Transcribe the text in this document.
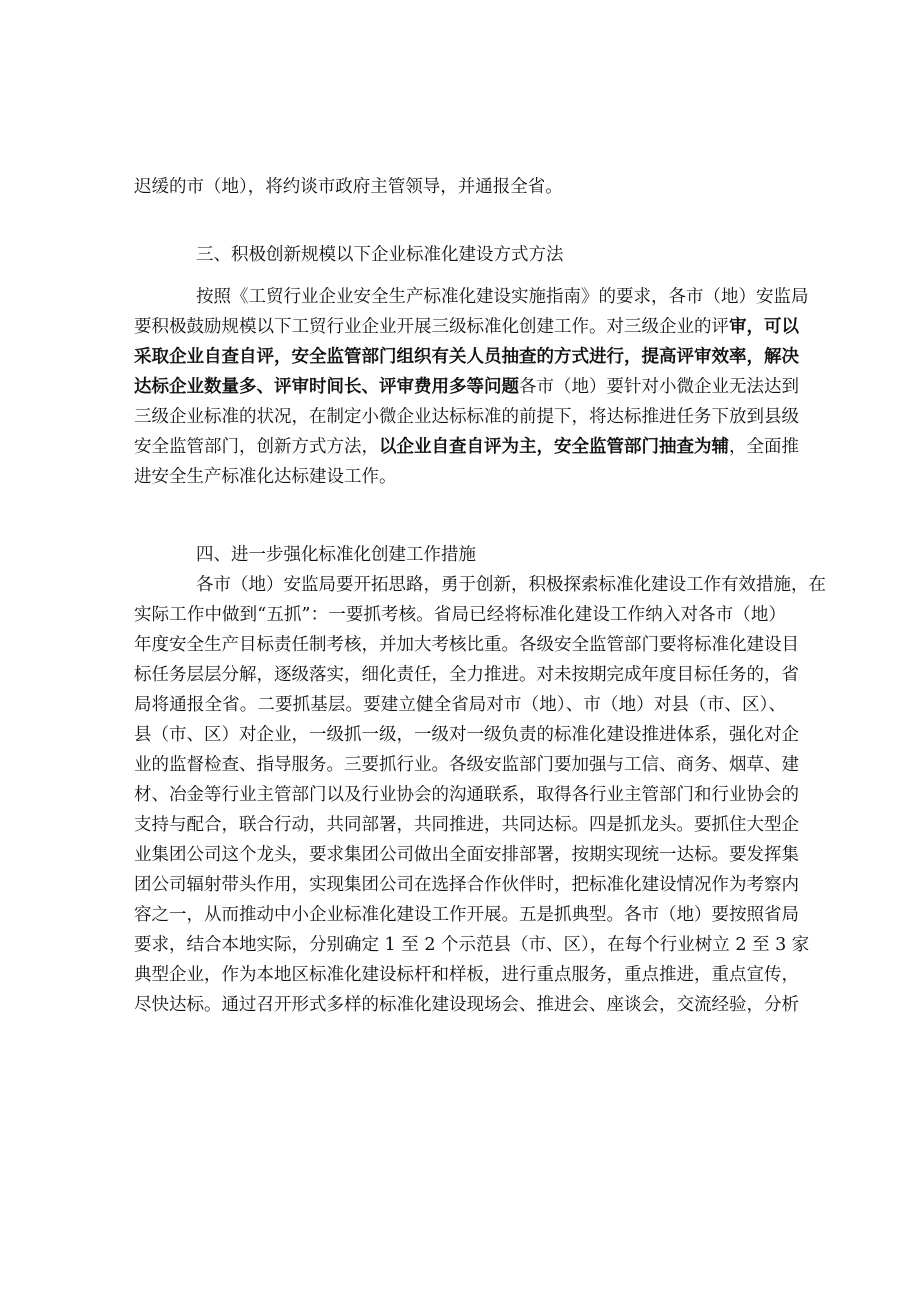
迟缓的市（地），将约谈市政府主管领导，并通报全省。
三、积极创新规模以下企业标准化建设方式方法
按照《工贸行业企业安全生产标准化建设实施指南》的要求，各市（地）安监局
要积极鼓励规模以下工贸行业企业开展三级标准化创建工作。对三级企业的评审，可以
采取企业自查自评，安全监管部门组织有关人员抽查的方式进行，提高评审效率，解决
达标企业数量多、评审时间长、评审费用多等问题各市（地）要针对小微企业无法达到
三级企业标准的状况，在制定小微企业达标标准的前提下，将达标推进任务下放到县级
安全监管部门，创新方式方法，以企业自查自评为主，安全监管部门抽查为辅，全面推
进安全生产标准化达标建设工作。
四、进一步强化标准化创建工作措施
各市（地）安监局要开拓思路，勇于创新，积极探索标准化建设工作有效措施，在
实际工作中做到“五抓”：一要抓考核。省局已经将标准化建设工作纳入对各市（地）
年度安全生产目标责任制考核，并加大考核比重。各级安全监管部门要将标准化建设目
标任务层层分解，逐级落实，细化责任，全力推进。对未按期完成年度目标任务的，省
局将通报全省。二要抓基层。要建立健全省局对市（地）、市（地）对县（市、区）、
县（市、区）对企业，一级抓一级，一级对一级负责的标准化建设推进体系，强化对企
业的监督检查、指导服务。三要抓行业。各级安监部门要加强与工信、商务、烟草、建
材、冶金等行业主管部门以及行业协会的沟通联系，取得各行业主管部门和行业协会的
支持与配合，联合行动，共同部署，共同推进，共同达标。四是抓龙头。要抓住大型企
业集团公司这个龙头，要求集团公司做出全面安排部署，按期实现统一达标。要发挥集
团公司辐射带头作用，实现集团公司在选择合作伙伴时，把标准化建设情况作为考察内
容之一，从而推动中小企业标准化建设工作开展。五是抓典型。各市（地）要按照省局
要求，结合本地实际，分别确定 1 至 2 个示范县（市、区），在每个行业树立 2 至 3 家
典型企业，作为本地区标准化建设标杆和样板，进行重点服务，重点推进，重点宣传，
尽快达标。通过召开形式多样的标准化建设现场会、推进会、座谈会，交流经验，分析
